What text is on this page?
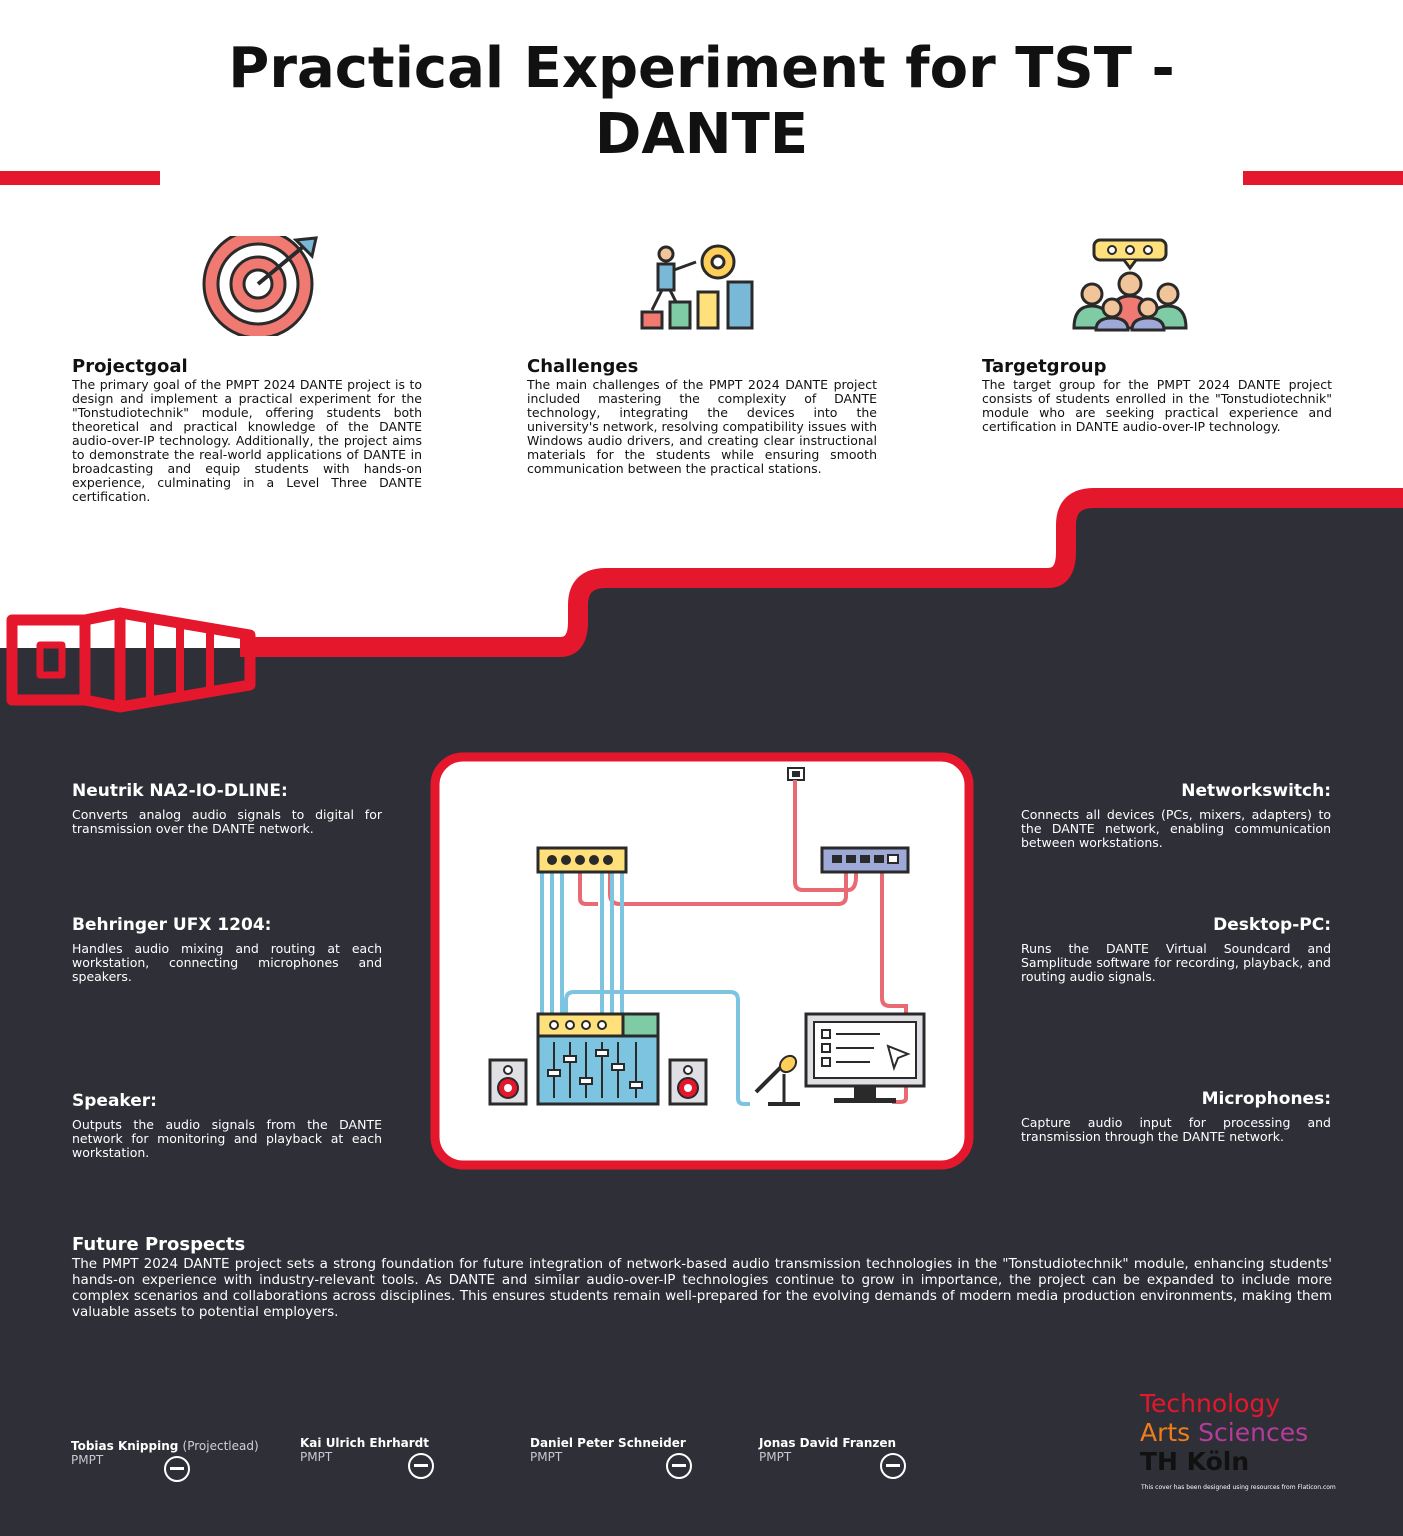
Practical Experiment for TST -
DANTE
Projectgoal

The primary goal of the PMPT 2024 DANTE project is to design and implement a practical experiment for the "Tonstudiotechnik" module, offering students both theoretical and practical knowledge of the DANTE audio-over-IP technology. Additionally, the project aims to demonstrate the real-world applications of DANTE in broadcasting and equip students with hands-on experience, culminating in a Level Three DANTE certification.

Challenges

The main challenges of the PMPT 2024 DANTE project included mastering the complexity of DANTE technology, integrating the devices into the university's network, resolving compatibility issues with Windows audio drivers, and creating clear instructional materials for the students while ensuring smooth communication between the practical stations.

Targetgroup

The target group for the PMPT 2024 DANTE project consists of students enrolled in the "Tonstudiotechnik" module who are seeking practical experience and certification in DANTE audio-over-IP technology.

Neutrik NA2-IO-DLINE:

Converts analog audio signals to digital for transmission over the DANTE network.

Behringer UFX 1204:

Handles audio mixing and routing at each workstation, connecting microphones and speakers.

Speaker:

Outputs the audio signals from the DANTE network for monitoring and playback at each workstation.

Networkswitch:

Connects all devices (PCs, mixers, adapters) to the DANTE network, enabling communication between workstations.

Desktop-PC:

Runs the DANTE Virtual Soundcard and Samplitude software for recording, playback, and routing audio signals.

Microphones:

Capture audio input for processing and transmission through the DANTE network.

Future Prospects

The PMPT 2024 DANTE project sets a strong foundation for future integration of network-based audio transmission technologies in the "Tonstudiotechnik" module, enhancing students' hands-on experience with industry-relevant tools. As DANTE and similar audio-over-IP technologies continue to grow in importance, the project can be expanded to include more complex scenarios and collaborations across disciplines. This ensures students remain well-prepared for the evolving demands of modern media production environments, making them valuable assets to potential employers.

Tobias Knipping (Projectlead)
PMPT
Kai Ulrich Ehrhardt
PMPT
Daniel Peter Schneider
PMPT
Jonas David Franzen
PMPT
Technology
Arts Sciences
TH Köln
This cover has been designed using resources from Flaticon.com
